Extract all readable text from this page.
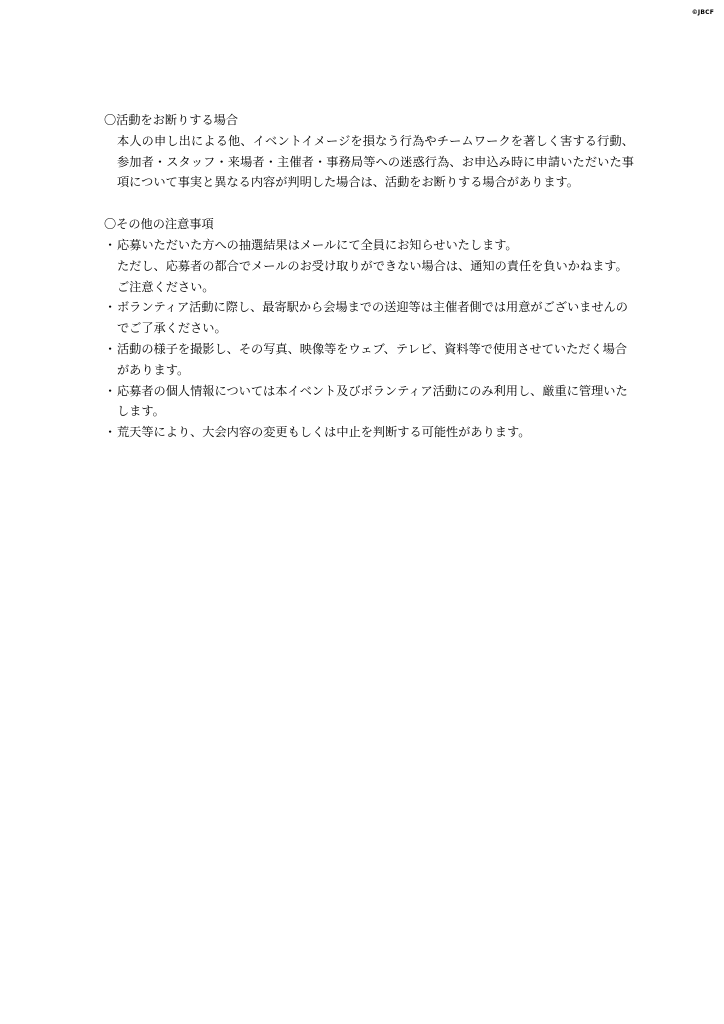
©JBCF

〇活動をお断りする場合

本人の申し出による他、イベントイメージを損なう行為やチームワークを著しく害する行動、参加者・スタッフ・来場者・主催者・事務局等への迷惑行為、お申込み時に申請いただいた事項について事実と異なる内容が判明した場合は、活動をお断りする場合があります。

〇その他の注意事項

・ 応募いただいた方への抽選結果はメールにて全員にお知らせいたします。

ただし、応募者の都合でメールのお受け取りができない場合は、通知の責任を負いかねます。ご注意ください。

・ ボランティア活動に際し、最寄駅から会場までの送迎等は主催者側では用意がございませんのでご了承ください。

・ 活動の様子を撮影し、その写真、映像等をウェブ、テレビ、資料等で使用させていただく場合があります。

・ 応募者の個人情報については本イベント及びボランティア活動にのみ利用し、厳重に管理いたします。

・ 荒天等により、大会内容の変更もしくは中止を判断する可能性があります。
